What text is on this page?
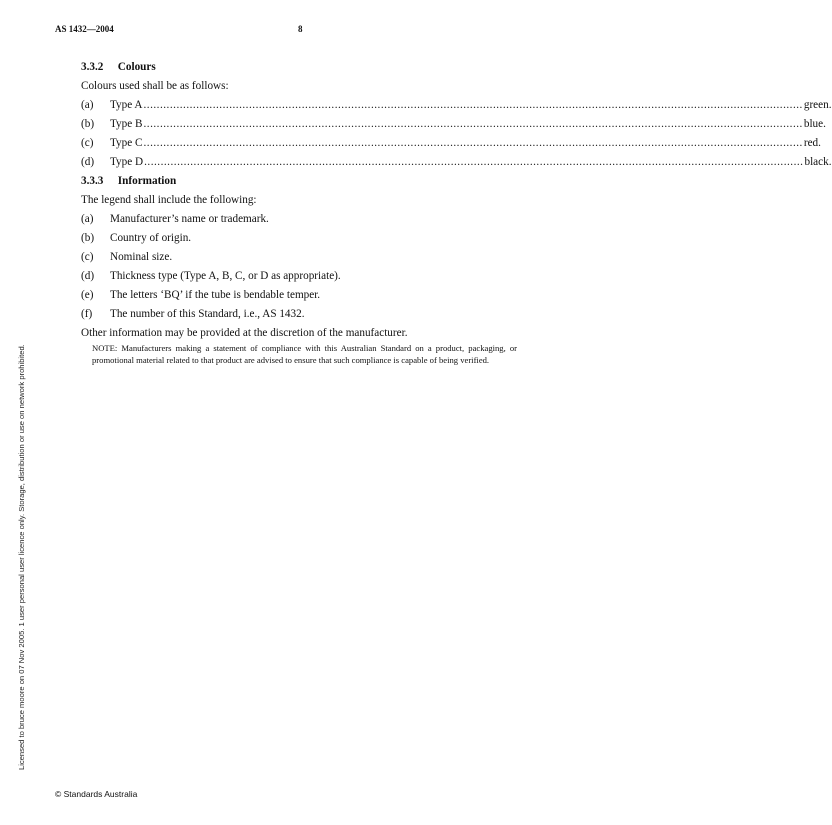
AS 1432—2004	8

3.3.2 Colours

Colours used shall be as follows:

(a)	Type A ........................................................................................................................................................................................................ green.
(b)	Type B ........................................................................................................................................................................................................ blue.
(c)	Type C ........................................................................................................................................................................................................ red.
(d)	Type D ........................................................................................................................................................................................................ black.

3.3.3 Information

The legend shall include the following:

(a)	Manufacturer’s name or trademark.
(b)	Country of origin.
(c)	Nominal size.
(d)	Thickness type (Type A, B, C, or D as appropriate).
(e)	The letters ‘BQ’ if the tube is bendable temper.
(f)	The number of this Standard, i.e., AS 1432.

Other information may be provided at the discretion of the manufacturer.

NOTE: Manufacturers making a statement of compliance with this Australian Standard on a product, packaging, or promotional material related to that product are advised to ensure that such compliance is capable of being verified.

Licensed to bruce moore on 07 Nov 2005. 1 user personal user licence only. Storage, distribution or use on network prohibited.
© Standards Australia
